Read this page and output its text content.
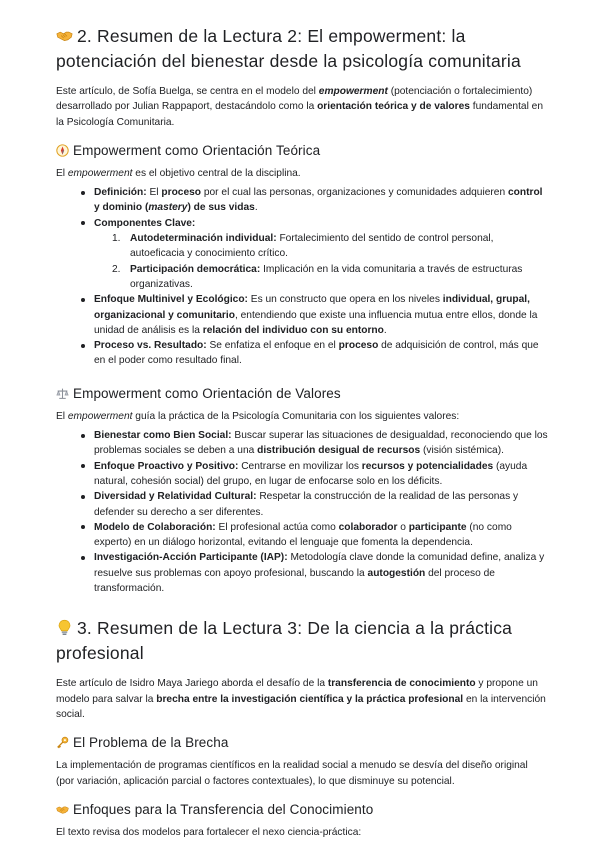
2. Resumen de la Lectura 2: El empowerment: la
potenciación del bienestar desde la psicología comunitaria

Este artículo, de Sofía Buelga, se centra en el modelo del empowerment (potenciación o fortalecimiento) desarrollado por Julian Rappaport, destacándolo como la orientación teórica y de valores fundamental en la Psicología Comunitaria.

Empowerment como Orientación Teórica

El empowerment es el objetivo central de la disciplina.

Definición: El proceso por el cual las personas, organizaciones y comunidades adquieren control y dominio (mastery) de sus vidas.
Componentes Clave:
1. Autodeterminación individual: Fortalecimiento del sentido de control personal, autoeficacia y conocimiento crítico.
2. Participación democrática: Implicación en la vida comunitaria a través de estructuras organizativas.
Enfoque Multinivel y Ecológico: Es un constructo que opera en los niveles individual, grupal, organizacional y comunitario, entendiendo que existe una influencia mutua entre ellos, donde la unidad de análisis es la relación del individuo con su entorno.
Proceso vs. Resultado: Se enfatiza el enfoque en el proceso de adquisición de control, más que en el poder como resultado final.
Empowerment como Orientación de Valores

El empowerment guía la práctica de la Psicología Comunitaria con los siguientes valores:

Bienestar como Bien Social: Buscar superar las situaciones de desigualdad, reconociendo que los problemas sociales se deben a una distribución desigual de recursos (visión sistémica).
Enfoque Proactivo y Positivo: Centrarse en movilizar los recursos y potencialidades (ayuda natural, cohesión social) del grupo, en lugar de enfocarse solo en los déficits.
Diversidad y Relatividad Cultural: Respetar la construcción de la realidad de las personas y defender su derecho a ser diferentes.
Modelo de Colaboración: El profesional actúa como colaborador o participante (no como experto) en un diálogo horizontal, evitando el lenguaje que fomenta la dependencia.
Investigación-Acción Participante (IAP): Metodología clave donde la comunidad define, analiza y resuelve sus problemas con apoyo profesional, buscando la autogestión del proceso de transformación.
3. Resumen de la Lectura 3: De la ciencia a la práctica
profesional

Este artículo de Isidro Maya Jariego aborda el desafío de la transferencia de conocimiento y propone un modelo para salvar la brecha entre la investigación científica y la práctica profesional en la intervención social.

El Problema de la Brecha

La implementación de programas científicos en la realidad social a menudo se desvía del diseño original (por variación, aplicación parcial o factores contextuales), lo que disminuye su potencial.

Enfoques para la Transferencia del Conocimiento

El texto revisa dos modelos para fortalecer el nexo ciencia-práctica:
